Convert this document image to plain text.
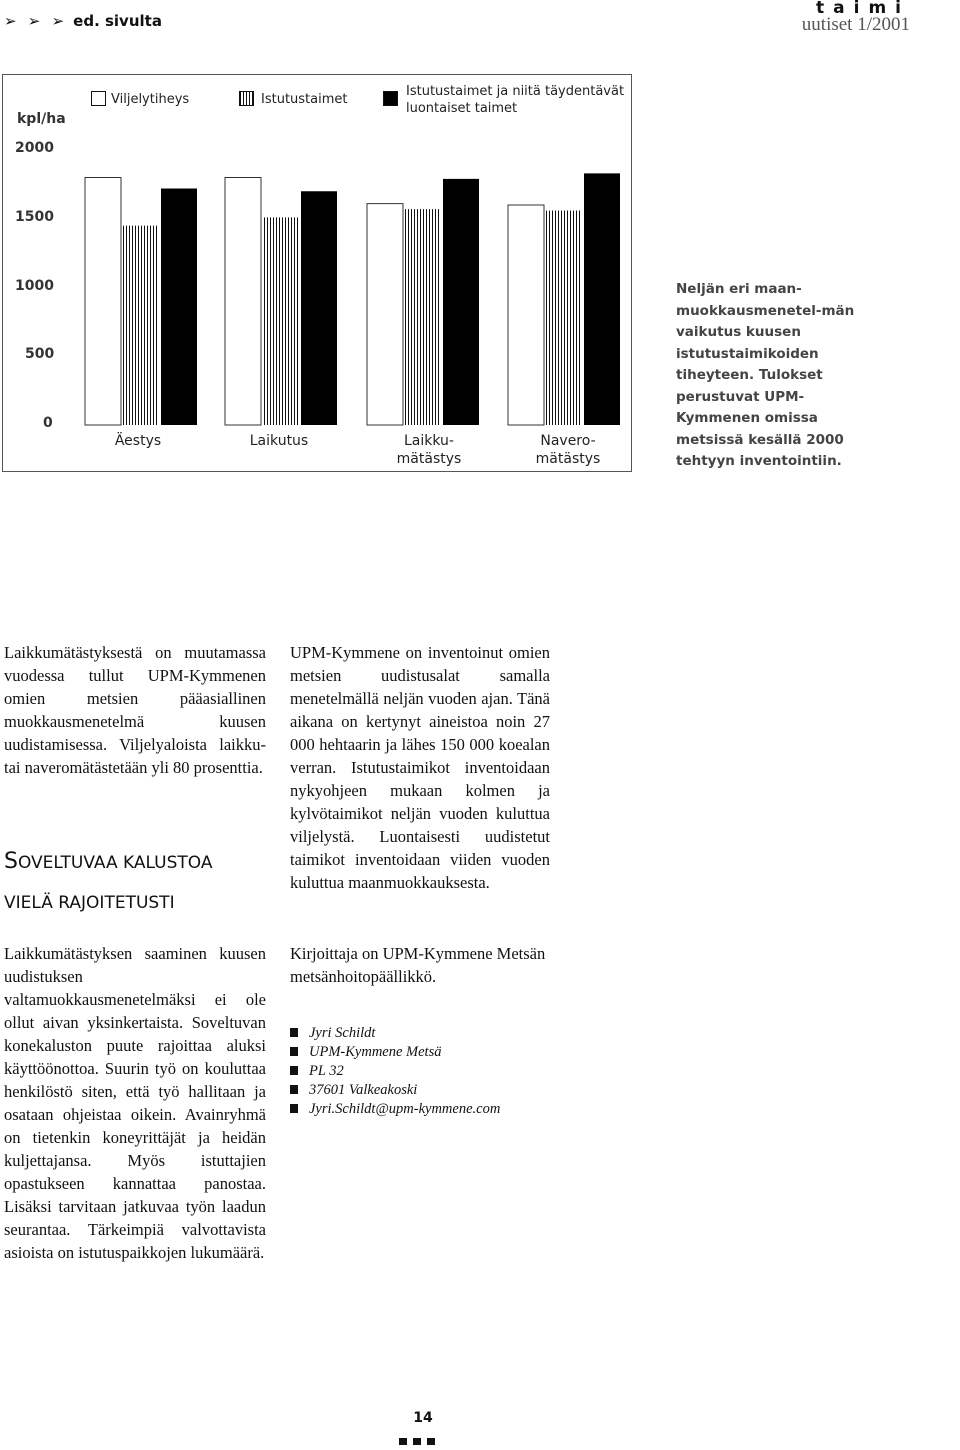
➢ ➢ ➢ ed. sivulta
taimi
uutiset 1/2001
Viljelytiheys	Istutustaimet
Istutustaimet ja niitä täydentävät luontaiset taimet
kpl/ha
0
500
1000
1500
2000
Äestys	Laikutus	Laikku-
mätästys
Navero-
mätästys
Neljän eri maan-muokkausmenetel-män vaikutus kuusen istutustaimikoiden tiheyteen. Tulokset perustuvat UPM-Kymmenen omissa metsissä kesällä 2000 tehtyyn inventointiin.
Laikkumätästyksestä on muutamassa vuodessa tullut UPM-Kymmenen omien metsien pääasiallinen muokkausmenetelmä kuusen uudistamisessa. Viljelyaloista laikku- tai naveromätästetään yli 80 prosenttia.
SOVELTUVAA KALUSTOA
VIELÄ RAJOITETUSTI
Laikkumätästyksen saaminen kuusen uudistuksen valtamuokkausmenetelmäksi ei ole ollut aivan yksinkertaista. Soveltuvan konekaluston puute rajoittaa aluksi käyttöönottoa. Suurin työ on kouluttaa henkilöstö siten, että työ hallitaan ja osataan ohjeistaa oikein. Avainryhmä on tietenkin koneyrittäjät ja heidän kuljettajansa. Myös istuttajien opastukseen kannattaa panostaa. Lisäksi tarvitaan jatkuvaa työn laadun seurantaa. Tärkeimpiä valvottavista asioista on istutuspaikkojen lukumäärä.
UPM-Kymmene on inventoinut omien metsien uudistusalat samalla menetelmällä neljän vuoden ajan. Tänä aikana on kertynyt aineistoa noin 27 000 hehtaarin ja lähes 150 000 koealan verran. Istutustaimikot inventoidaan nykyohjeen mukaan kolmen ja kylvötaimikot neljän vuoden kuluttua viljelystä. Luontaisesti uudistetut taimikot inventoidaan viiden vuoden kuluttua maanmuokkauksesta.
Kirjoittaja on UPM-Kymmene Metsän metsänhoitopäällikkö.
Jyri Schildt
UPM-Kymmene Metsä
PL 32
37601 Valkeakoski
Jyri.Schildt@upm-kymmene.com
14
